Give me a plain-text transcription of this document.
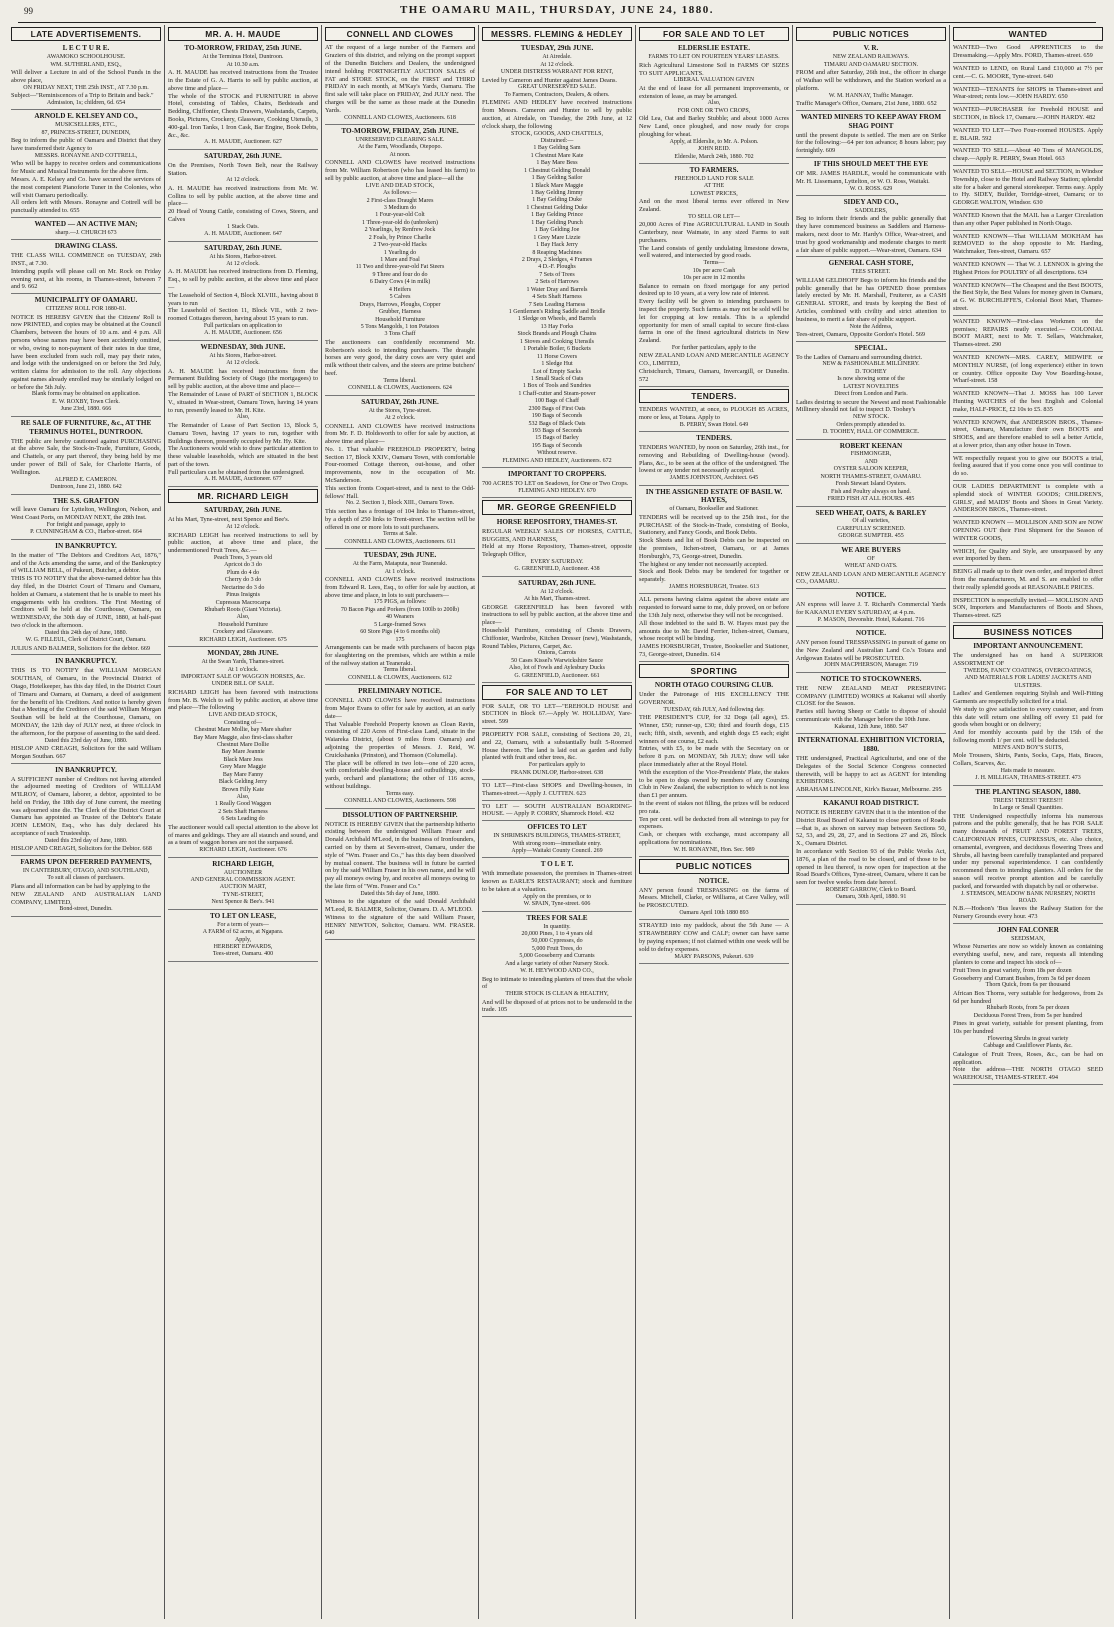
99	THE OAMARU MAIL, THURSDAY, JUNE 24, 1880.
LATE ADVERTISEMENTS.
L E C T U R E.
AWAMOKO SCHOOLHOUSE.
WM. SUTHERLAND, ESQ.,
Will deliver a Lecture in aid of the School Funds in the above place,
ON FRIDAY NEXT, THE 25th INST., AT 7.30 p.m.
Subject—"Reminiscences of a Trip to Britain and back."
Admission, 1s; children, 6d. 654
ARNOLD E. KELSEY AND CO.,
MUSICSELLERS, ETC.,
87, PRINCES-STREET, DUNEDIN,
Beg to inform the public of Oamaru and District that they have transferred their Agency to
MESSRS. RONAYNE AND COTTRELL,
Who will be happy to receive orders and communications for Music and Musical Instruments for the above firm.
Messrs. A. E. Kelsey and Co. have secured the services of the most competent Pianoforte Tuner in the Colonies, who will visit Oamaru periodically.
All orders left with Messrs. Ronayne and Cottrell will be punctually attended to. 655
WANTED — AN ACTIVE MAN;
sharp.—J. CHURCH 673
DRAWING CLASS.
THE CLASS WILL COMMENCE on TUESDAY, 29th INST., at 7.30.
Intending pupils will please call on Mr. Rock on Friday evening next, at his rooms, in Thames-street, between 7 and 9. 662
MUNICIPALITY OF OAMARU.
CITIZENS' ROLL FOR 1880-81.
NOTICE IS HEREBY GIVEN that the Citizens' Roll is now PRINTED, and copies may be obtained at the Council Chambers, between the hours of 10 a.m. and 4 p.m. All persons whose names may have been accidently omitted, or who, owing to non-payment of their rates in due time, have been excluded from such roll, may pay their rates, and lodge with the undersigned on or before the 3rd July, written claims for admission to the roll. Any objections against names already enrolled may be similarly lodged on or before the 5th July.
Blank forms may be obtained on application.
E. W. ROXBY, Town Clerk.
June 23rd, 1880. 666
RE SALE OF FURNITURE, &c., AT THE TERMINUS HOTEL, DUNTROON.
THE public are hereby cautioned against PURCHASING at the above Sale, the Stock-in-Trade, Furniture, Goods, and Chattels, or any part thereof, they being held by me under power of Bill of Sale, for Charlotte Harris, of Wellington.
ALFRED E. CAMERON.
Duntroon, June 21, 1880. 642
THE S.S. GRAFTON
will leave Oamaru for Lyttelton, Wellington, Nelson, and West Coast Ports, on MONDAY NEXT, the 28th Inst.
For freight and passage, apply to
P. CUNNINGHAM & CO., Harbor-street. 664
IN BANKRUPTCY.
In the matter of "The Debtors and Creditors Act, 1876," and of the Acts amending the same, and of the Bankruptcy of WILLIAM BELL, of Pukeuri, Butcher, a debtor.
THIS IS TO NOTIFY that the above-named debtor has this day filed, in the District Court of Timaru and Oamaru, holden at Oamaru, a statement that he is unable to meet his engagements with his creditors. The First Meeting of Creditors will be held at the Courthouse, Oamaru, on WEDNESDAY, the 30th day of JUNE, 1880, at half-past two o'clock in the afternoon.
Dated this 24th day of June, 1880.
W. G. FILLEUL, Clerk of District Court, Oamaru.
JULIUS AND BALMER, Solicitors for the debtor. 669
IN BANKRUPTCY.
THIS IS TO NOTIFY that WILLIAM MORGAN SOUTHAN, of Oamaru, in the Provincial District of Otago, Hotelkeeper, has this day filed, in the District Court of Timaru and Oamaru, at Oamaru, a deed of assignment for the benefit of his Creditors. And notice is hereby given that a Meeting of the Creditors of the said William Morgan Southan will be held at the Courthouse, Oamaru, on MONDAY, the 12th day of JULY next, at three o'clock in the afternoon, for the purpose of assenting to the said deed.
Dated this 23rd day of June, 1880.
HISLOP AND CREAGH, Solicitors for the said William Morgan Southan. 667
IN BANKRUPTCY.
A SUFFICIENT number of Creditors not having attended the adjourned meeting of Creditors of WILLIAM M'ILROY, of Oamaru, laborer, a debtor, appointed to be held on Friday, the 18th day of June current, the meeting was adjourned sine die. The Clerk of the District Court at Oamaru has appointed as Trustee of the Debtor's Estate JOHN LEMON, Esq., who has duly declared his acceptance of such Trusteeship.
Dated this 23rd day of June, 1880.
HISLOP AND CREAGH, Solicitors for the Debtor. 668
FARMS UPON DEFERRED PAYMENTS,
IN CANTERBURY, OTAGO, AND SOUTHLAND,
To suit all classes of purchasers.
Plans and all information can be had by applying to the
NEW ZEALAND AND AUSTRALIAN LAND COMPANY, LIMITED,
Bond-street, Dunedin.
MR. A. H. MAUDE
TO-MORROW, FRIDAY, 25th JUNE.
At the Terminus Hotel, Duntroon.
At 10.30 a.m.
A. H. MAUDE has received instructions from the Trustee in the Estate of G. A. Harris to sell by public auction, at above time and place—
The whole of the STOCK and FURNITURE in above Hotel, consisting of Tables, Chairs, Bedsteads and Bedding, Chiffonier, Chests Drawers, Washstands, Carpets, Books, Pictures, Crockery, Glassware, Cooking Utensils, 3 400-gal. Iron Tanks, 1 Iron Cask, Bar Engine, Book Debts, &c., &c.
A. H. MAUDE, Auctioneer. 627
SATURDAY, 26th JUNE.
On the Premises, North Town Belt, near the Railway Station.
At 12 o'clock.
A. H. MAUDE has received instructions from Mr. W. Collins to sell by public auction, at the above time and place—
20 Head of Young Cattle, consisting of Cows, Steers, and Calves
1 Stack Oats.
A. H. MAUDE, Auctioneer. 647
SATURDAY, 26th JUNE.
At his Stores, Harbor-street.
At 12 o'clock.
A. H. MAUDE has received instructions from D. Fleming, Esq., to sell by public auction, at the above time and place—
The Leasehold of Section 4, Block XLVIII., having about 8 years to run
The Leasehold of Section 11, Block VII., with 2 two-roomed Cottages thereon, having about 15 years to run.
Full particulars on application to
A. H. MAUDE, Auctioneer. 656
WEDNESDAY, 30th JUNE.
At his Stores, Harbor-street.
At 12 o'clock.
A. H. MAUDE has received instructions from the Permanent Building Society of Otago (the mortgagees) to sell by public auction, at the above time and place—
The Remainder of Lease of PART of SECTION 1, BLOCK V., situated in Wear-street, Oamaru Town, having 14 years to run, presently leased to Mr. H. Kite.
Also,
The Remainder of Lease of Part Section 13, Block 5, Oamaru Town, having 17 years to run, together with Buildings thereon, presently occupied by Mr. Hy. Kite.
The Auctioneers would wish to draw particular attention to these valuable leaseholds, which are situated in the best part of the town.
Full particulars can be obtained from the undersigned.
A. H. MAUDE, Auctioneer. 677
MR. RICHARD LEIGH
SATURDAY, 26th JUNE.
At his Mart, Tyne-street, next Spence and Bee's.
At 12 o'clock.
RICHARD LEIGH has received instructions to sell by public auction, at above time and place, the undermentioned Fruit Trees, &c.—
Peach Trees, 3 years old
Apricot do 3 do
Plum do 4 do
Cherry do 3 do
Nectarine do 3 do
Pinus Insignis
Cupressus Macrocarpa
Rhubarb Roots (Giant Victoria).
Also,
Household Furniture
Crockery and Glassware.
RICHARD LEIGH, Auctioneer. 675
MONDAY, 28th JUNE.
At the Swan Yards, Thames-street.
At 1 o'clock.
IMPORTANT SALE OF WAGGON HORSES, &c.
UNDER BILL OF SALE.
RICHARD LEIGH has been favored with instructions from Mr. B. Welch to sell by public auction, at above time and place—The following
LIVE AND DEAD STOCK,
Consisting of—
Chestnut Mare Mollie, bay Mare shafter
Bay Mare Maggie, also first-class shafter
Chestnut Mare Dollie
Bay Mare Jeannie
Black Mare Jess
Grey Mare Maggie
Bay Mare Fanny
Black Gelding Jerry
Brown Filly Kate
Also,
1 Really Good Waggon
2 Sets Shaft Harness
6 Sets Leading do
The auctioneer would call special attention to the above lot of mares and geldings. They are all staunch and sound, and as a team of waggon horses are not the surpassed.
RICHARD LEIGH, Auctioneer. 676
RICHARD LEIGH,
AUCTIONEER
AND GENERAL COMMISSION AGENT.
AUCTION MART,
TYNE-STREET,
Next Spence & Bee's. 941
TO LET ON LEASE,
For a term of years—
A FARM of 62 acres, at Ngapara.
Apply,
HERBERT EDWARDS,
Tees-street, Oamaru. 400
CONNELL AND CLOWES
AT the request of a large number of the Farmers and Graziers of this district, and relying on the prompt support of the Dunedin Butchers and Dealers, the undersigned intend holding FORTNIGHTLY AUCTION SALES of FAT and STORE STOCK, on the FIRST and THIRD FRIDAY in each month, at M'Kay's Yards, Oamaru. The first sale will take place on FRIDAY, 2nd JULY next. The charges will be the same as those made at the Dunedin Yards.
CONNELL AND CLOWES, Auctioneers. 618
TO-MORROW, FRIDAY, 25th JUNE.
UNRESERVED CLEARING SALE.
At the Farm, Woodlands, Otepopo.
At noon.
CONNELL AND CLOWES have received instructions from Mr. William Robertson (who has leased his farm) to sell by public auction, at above time and place—all the
LIVE AND DEAD STOCK,
As follows:—
2 First-class Draught Mares
3 Medium do
1 Four-year-old Colt
1 Three-year-old do (unbroken)
2 Yearlings, by Renfrew Jock
2 Foals, by Prince Charlie
2 Two-year-old Hacks
1 Yearling do
1 Mare and Foal
11 Two and three-year-old Fat Steers
9 Three and four do do
6 Dairy Cows (4 in milk)
4 Heifers
5 Calves
Drays, Harrows, Ploughs, Copper
Grubber, Harness
Household Furniture
5 Tons Mangolds, 1 ton Potatoes
3 Tons Chaff
The auctioneers can confidently recommend Mr. Robertson's stock to intending purchasers. The draught horses are very good, the dairy cows are very quiet and milk without their calves, and the steers are prime butchers' beef.
Terms liberal.
CONNELL & CLOWES, Auctioneers. 624
SATURDAY, 26th JUNE.
At the Stores, Tyne-street.
At 2 o'clock.
CONNELL AND CLOWES have received instructions from Mr. F. D. Holdsworth to offer for sale by auction, at above time and place—
No. 1. That valuable FREEHOLD PROPERTY, being Section 17, Block XXIV., Oamaru Town, with comfortable Four-roomed Cottage thereon, out-house, and other improvements, now in the occupation of Mr. McSanderson.
This section fronts Coquet-street, and is next to the Odd-fellows' Hall.
No. 2. Section 1, Block XIII., Oamaru Town.
This section has a frontage of 104 links to Thames-street, by a depth of 250 links to Trent-street. The section will be offered in one or more lots to suit purchasers.
Terms at Sale.
CONNELL AND CLOWES, Auctioneers. 611
TUESDAY, 29th JUNE.
At the Farm, Mataputa, near Teaneraki.
At 1 o'clock.
CONNELL AND CLOWES have received instructions from Edward R. Lees, Esq., to offer for sale by auction, at above time and place, in lots to suit purchasers—
175 PIGS, as follows:
70 Bacon Pigs and Porkers (from 100lb to 200lb)
40 Weaners
5 Large-framed Sows
60 Store Pigs (4 to 6 months old)
175
Arrangements can be made with purchasers of bacon pigs for slaughtering on the premises, which are within a mile of the railway station at Teaneraki.
Terms liberal.
CONNELL & CLOWES, Auctioneers. 612
PRELIMINARY NOTICE.
CONNELL AND CLOWES have received instructions from Major Evans to offer for sale by auction, at an early date—
That Valuable Freehold Property known as Cloan Ravin, consisting of 220 Acres of First-class Land, situate in the Waiareka District, (about 9 miles from Oamaru) and adjoining the properties of Messrs. J. Reid, W. Cruickshanks (Prinston), and Thomson (Columella).
The place will be offered in two lots—one of 220 acres, with comfortable dwelling-house and outbuildings, stock-yards, orchard and plantations; the other of 116 acres, without buildings.
Terms easy.
CONNELL AND CLOWES, Auctioneers. 598
DISSOLUTION OF PARTNERSHIP.
NOTICE IS HEREBY GIVEN that the partnership hitherto existing between the undersigned William Fraser and Donald Archibald M'Leod, in the business of Ironfounders, carried on by them at Severn-street, Oamaru, under the style of "Wm. Fraser and Co.," has this day been dissolved by mutual consent. The business will in future be carried on by the said William Fraser in his own name, and he will pay all moneys owing by, and receive all moneys owing to the late firm of "Wm. Fraser and Co."
Dated this 5th day of June, 1880.
Witness to the signature of the said Donald Archibald M'Leod, R. BALMER, Solicitor, Oamaru. D. A. M'LEOD.
Witness to the signature of the said William Fraser, HENRY NEWTON, Solicitor, Oamaru. WM. FRASER. 640
MESSRS. FLEMING & HEDLEY
TUESDAY, 29th JUNE.
At Airedale.
At 12 o'clock.
UNDER DISTRESS WARRANT FOR RENT,
Levied by Cameron and Hunter against James Deans.
GREAT UNRESERVED SALE.
To Farmers, Contractors, Dealers, & others.
FLEMING AND HEDLEY have received instructions from Messrs. Cameron and Hunter to sell by public auction, at Airedale, on Tuesday, the 29th June, at 12 o'clock sharp, the following
STOCK, GOODS, AND CHATTELS,
Distrained:—
1 Bay Gelding Sam
1 Chestnut Mare Kate
1 Bay Mare Bess
1 Chestnut Gelding Donald
1 Bay Gelding Sailor
1 Black Mare Maggie
1 Bay Gelding Jimmy
1 Bay Gelding Duke
1 Chestnut Gelding Duke
1 Bay Gelding Prince
1 Bay Gelding Punch
1 Bay Gelding Joe
1 Grey Mare Lizzie
1 Bay Hack Jerry
8 Reaping Machines
2 Drays, 2 Sledges, 4 Frames
4 D.-F. Ploughs
7 Sets of Trees
2 Sets of Harrows
1 Water Dray and Barrels
4 Sets Shaft Harness
7 Sets Leading Harness
1 Gentlemen's Riding Saddle and Bridle
1 Sledge on Wheels, and Barrels
13 Hay Forks
Stock Brands and Plough Chains
1 Stoves and Cooking Utensils
1 Portable Boiler, 6 Buckets
11 Horse Covers
1 Sledge Hut
Lot of Empty Sacks
1 Small Stack of Oats
1 Box of Tools and Sundries
1 Chaff-cutter and Steam-power
100 Bags of Chaff
2300 Bags of First Oats
190 Bags of Seconds
532 Bags of Black Oats
193 Bags of Seconds
15 Bags of Barley
195 Bags of Seconds
Without reserve.
FLEMING AND HEDLEY, Auctioneers. 672
IMPORTANT TO CROPPERS.
700 ACRES TO LET on Seadown, for One or Two Crops.
FLEMING AND HEDLEY. 670
MR. GEORGE GREENFIELD
HORSE REPOSITORY, THAMES-ST.
REGULAR WEEKLY SALES OF HORSES, CATTLE, BUGGIES, AND HARNESS,
Held at my Horse Repository, Thames-street, opposite Telegraph Office,
EVERY SATURDAY.
G. GREENFIELD, Auctioneer. 438
SATURDAY, 26th JUNE.
At 12 o'clock.
At his Mart, Thames-street.
GEORGE GREENFIELD has been favored with instructions to sell by public auction, at the above time and place—
Household Furniture, consisting of Chests Drawers, Chiffonier, Wardrobe, Kitchen Dresser (new), Washstands, Round Tables, Pictures, Carpet, &c.
Onions, Carrots
50 Cases Kissel's Warwickshire Sauce
Also, lot of Fowls and Aylesbury Ducks
G. GREENFIELD, Auctioneer. 661
FOR SALE AND TO LET
FOR SALE, OR TO LET—"EREHOLD HOUSE and SECTION in Block 67.—Apply W. HOLLIDAY, Yare-street. 599
PROPERTY FOR SALE, consisting of Sections 20, 21, and 22, Oamaru, with a substantially built 5-Roomed House thereon. The land is laid out as garden and fully planted with fruit and other trees, &c.
For particulars apply to
FRANK DUNLOP, Harbor-street. 638
TO LET—First-class SHOPS and Dwelling-houses, in Thames-street.—Apply J. CUTTEN. 623
TO LET — SOUTH AUSTRALIAN BOARDING-HOUSE. — Apply P. CORRY, Shamrock Hotel. 432
OFFICES TO LET
IN SHRIMSKI'S BUILDINGS, THAMES-STREET,
With strong room—immediate entry.
Apply—Waitaki County Council. 269
T O L E T.
With immediate possession, the premises in Thames-street known as EARLE'S RESTAURANT; stock and furniture to be taken at a valuation.
Apply on the premises, or to
W. SPAIN, Tyne-street. 606
TREES FOR SALE
In quantity.
20,000 Pines, 1 to 4 years old
50,000 Cypresses, do
5,000 Fruit Trees, do
5,000 Gooseberry and Currants
And a large variety of other Nursery Stock.
W. H. HEYWOOD AND CO.,
Beg to intimate to intending planters of trees that the whole of
THEIR STOCK IS CLEAN & HEALTHY,
And will be disposed of at prices not to be undersold in the trade. 105
FOR SALE AND TO LET
ELDERSLIE ESTATE.
FARMS TO LET ON FOURTEEN YEARS' LEASES.
Rich Agricultural Limestone Soil in FARMS OF SIZES TO SUIT APPLICANTS.
LIBERAL VALUATION GIVEN
At the end of lease for all permanent improvements, or extension of lease, as may be arranged.
Also,
FOR ONE OR TWO CROPS,
Old Lea, Oat and Barley Stubble; and about 1000 Acres New Land, once ploughed, and now ready for crops ploughing for wheat.
Apply, at Elderslie, to Mr. A. Polson.
JOHN REID.
Elderslie, March 24th, 1880. 702
TO FARMERS.
FREEHOLD LAND FOR SALE
AT THE
LOWEST PRICES,
And on the most liberal terms ever offered in New Zealand.
TO SELL OR LET—
20,000 Acres of Fine AGRICULTURAL LAND in South Canterbury, near Waimate, in any sized Farms to suit purchasers.
The Land consists of gently undulating limestone downs, well watered, and intersected by good roads.
Terms—
10s per acre Cash
10s per acre in 12 months
Balance to remain on fixed mortgage for any period desired up to 10 years, at a very low rate of interest.
Every facility will be given to intending purchasers to inspect the property. Such farms as may not be sold will be let for cropping at low rentals. This is a splendid opportunity for men of small capital to secure first-class farms in one of the finest agricultural districts in New Zealand.
For further particulars, apply to the
NEW ZEALAND LOAN AND MERCANTILE AGENCY CO., LIMITED,
Christchurch, Timaru, Oamaru, Invercargill, or Dunedin. 572
TENDERS.
TENDERS WANTED, at once, to PLOUGH 85 ACRES, more or less, at Totara. Apply to
B. PERRY, Swan Hotel. 649
TENDERS.
TENDERS WANTED, by noon on Saturday, 26th inst., for removing and Rebuilding of Dwelling-house (wood). Plans, &c., to be seen at the office of the undersigned. The lowest or any tender not necessarily accepted.
JAMES JOHNSTON, Architect. 645
IN THE ASSIGNED ESTATE OF BASIL W. HAYES,
of Oamaru, Bookseller and Stationer.
TENDERS will be received up to the 25th inst., for the PURCHASE of the Stock-in-Trade, consisting of Books, Stationery, and Fancy Goods, and Book Debts.
Stock Sheets and list of Book Debts can be inspected on the premises, Itchen-street, Oamaru, or at James Horsburgh's, 73, George-street, Dunedin.
The highest or any tender not necessarily accepted.
Stock and Book Debts may be tendered for together or separately.
JAMES HORSBURGH, Trustee. 613
ALL persons having claims against the above estate are requested to forward same to me, duly proved, on or before the 13th July next, otherwise they will not be recognised.
All those indebted to the said B. W. Hayes must pay the amounts due to Mr. David Ferrier, Itchen-street, Oamaru, whose receipt will be binding.
JAMES HORSBURGH, Trustee, Bookseller and Stationer, 73, George-street, Dunedin. 614
SPORTING
NORTH OTAGO COURSING CLUB.
Under the Patronage of HIS EXCELLENCY THE GOVERNOR.
TUESDAY, 6th JULY, And following day.
THE PRESIDENT'S CUP, for 32 Dogs (all ages), £5. Winner, £50; runner-up, £30; third and fourth dogs, £15 each; fifth, sixth, seventh, and eighth dogs £5 each; eight winners of one course, £2 each.
Entries, with £5, to be made with the Secretary on or before 8 p.m. on MONDAY, 5th JULY; draw will take place immediately after at the Royal Hotel.
With the exception of the Vice-Presidents' Plate, the stakes to be open to dogs owned by members of any Coursing Club in New Zealand, the subscription to which is not less than £1 per annum.
In the event of stakes not filling, the prizes will be reduced pro rata.
Ten per cent. will be deducted from all winnings to pay for expenses.
Cash, or cheques with exchange, must accompany all applications for nominations.
W. H. RONAYNE, Hon. Sec. 989
PUBLIC NOTICES
NOTICE.
ANY person found TRESPASSING on the farms of Messrs. Mitchell, Clarke, or Williams, at Cave Valley, will be PROSECUTED.
Oamaru April 10th 1880 893
STRAYED into my paddock, about the 5th June — A STRAWBERRY COW and CALF; owner can have same by paying expenses; if not claimed within one week will be sold to defray expenses.
MARY PARSONS, Pukeuri. 639
PUBLIC NOTICES
V. R.
NEW ZEALAND RAILWAYS.
TIMARU AND OAMARU SECTION.
FROM and after Saturday, 26th inst., the officer in charge of Waihao will be withdrawn, and the Station worked as a platform.
W. M. HANNAY, Traffic Manager.
Traffic Manager's Office, Oamaru, 21st June, 1880. 652
WANTED MINERS TO KEEP AWAY FROM SHAG POINT
until the present dispute is settled. The men are on Strike for the following:—64 per ton advance; 8 hours labor; pay fortnightly. 609
IF THIS SHOULD MEET THE EYE
OF MR. JAMES HARDLE, would he communicate with Mr. H. Lissemann, Lyttelton, or W. O. Ross, Waitaki.
W. O. ROSS. 629
SIDEY AND CO.,
SADDLERS,
Beg to inform their friends and the public generally that they have commenced business as Saddlers and Harness-makers, next door to Mr. Hardy's Office, Wear-street, and trust by good workmanship and moderate charges to merit a fair share of public support.—Wear-street, Oamaru. 634
GENERAL CASH STORE,
TEES STREET.
WILLIAM GELDHOFF Begs to inform his friends and the public generally that he has OPENED those premises lately erected by Mr. H. Marshall, Fruiterer, as a CASH GENERAL STORE, and trusts by keeping the Best of Articles, combined with civility and strict attention to business, to merit a fair share of public support.
Note the Address,
Tees-street, Oamaru, Opposite Gordon's Hotel. 569
SPECIAL.
To the Ladies of Oamaru and surrounding district.
NEW & FASHIONABLE MILLINERY.
D. TOOHEY
Is now showing some of the
LATEST NOVELTIES
Direct from London and Paris.
Ladies desiring to secure the Newest and most Fashionable Millinery should not fail to inspect D. Toohey's
NEW STOCK.
Orders promptly attended to.
D. TOOHEY, HALL OF COMMERCE.
ROBERT KEENAN
FISHMONGER,
AND
OYSTER SALOON KEEPER,
NORTH THAMES-STREET, OAMARU.
Fresh Stewart Island Oysters.
Fish and Poultry always on hand.
FRIED FISH AT ALL HOURS. 485
SEED WHEAT, OATS, & BARLEY
Of all varieties,
CAREFULLY SCREENED.
GEORGE SUMPTER. 455
WE ARE BUYERS
OF
WHEAT AND OATS.
NEW ZEALAND LOAN AND MERCANTILE AGENCY CO., OAMARU.
NOTICE.
AN express will leave J. T. Richard's Commercial Yards for KAKANUI EVERY SATURDAY, at 4 p.m.
P. MASON, Devonshir. Hotel, Kakanui. 716
NOTICE.
ANY person found TRESSPASSING in pursuit of game on the New Zealand and Australian Land Co.'s Totara and Ardgowan Estates will be PROSECUTED.
JOHN MACPHERSON, Manager. 719
NOTICE TO STOCKOWNERS.
THE NEW ZEALAND MEAT PRESERVING COMPANY (LIMITED) WORKS at Kakanui will shortly CLOSE for the Season.
Parties still having Sheep or Cattle to dispose of should communicate with the Manager before the 10th June.
Kakanui, 12th June, 1880. 547
INTERNATIONAL EXHIBITION VICTORIA, 1880.
THE undersigned, Practical Agriculturist, and one of the Delegates of the Social Science Congress connected therewith, will be happy to act as AGENT for intending EXHIBITORS.
ABRAHAM LINCOLNE, Kirk's Bazaar, Melbourne. 295
KAKANUI ROAD DISTRICT.
NOTICE IS HEREBY GIVEN that it is the intention of the District Road Board of Kakanui to close portions of Roads—that is, as shown on survey map between Sections 50, 52, 53, and 29, 28, 27, and in Sections 27 and 26, Block X., Oamaru District.
In accordance with Section 93 of the Public Works Act, 1876, a plan of the road to be closed, and of those to be opened in lieu thereof, is now open for inspection at the Road Board's Offices, Tyne-street, Oamaru, where it can be seen for twelve weeks from date hereof.
ROBERT GARROW, Clerk to Board.
Oamaru, 30th April, 1880. 91
WANTED
WANTED—Two Good APPRENTICES to the Dressmaking.—Apply Mrs. FORD, Thames-street. 659
WANTED to LEND, on Rural Land £10,000 at 7½ per cent.—C. G. MOORE, Tyne-street. 640
WANTED—TENANTS for SHOPS in Thames-street and Wear-street; rents low.—JOHN HARDY. 650
WANTED—PURCHASER for Freehold HOUSE and SECTION, in Block 17, Oamaru.—JOHN HARDY. 482
WANTED TO LET—Two Four-roomed HOUSES. Apply E. BLAIR. 592
WANTED TO SELL—About 40 Tons of MANGOLDS, cheap.—Apply R. PERRY, Swan Hotel. 663
WANTED TO SELL—HOUSE and SECTION, in Windsor Township, close to the Hotel and Railway Station; splendid site for a baker and general storekeeper. Terms easy. Apply to Hy. SIDEY, Builder, Torridge-street, Oamaru; or to GEORGE WALTON, Windsor. 630
WANTED Known that the MAIL has a Larger Circulation than any other Paper published in North Otago.
WANTED KNOWN—That WILLIAM MOKHAM has REMOVED to the shop opposite to Mr. Harding, Watchmaker, Tees-street, Oamaru. 657
WANTED KNOWN — That W. J. LENNOX is giving the Highest Prices for POULTRY of all descriptions. 634
WANTED KNOWN—The Cheapest and the Best BOOTS, the Best Style, the Best Values for money given in Oamaru, at G. W. BURCHLIFFE'S, Colonial Boot Mart, Thames-street.
WANTED KNOWN—First-class Workmen on the premises; REPAIRS neatly executed.— COLONIAL BOOT MART, next to Mr. T. Sellars, Watchmaker, Thames-street. 290
WANTED KNOWN—MRS. CAREY, MIDWIFE or MONTHLY NURSE, (of long experience) either in town or country. Office opposite Day Vow Boarding-house, Wharf-street. 158
WANTED KNOWN—That J. MOSS has 100 Lever Hunting WATCHES of the best English and Colonial make, HALF-PRICE, £2 10s to £5. 835
WANTED KNOWN, that ANDERSON BROS., Thames-street, Oamaru, Manufacture their own BOOTS and SHOES, and are therefore enabled to sell a better Article, at a lower price, than any other house in Town.
WE respectfully request you to give our BOOTS a trial, feeling assured that if you come once you will continue to do so.
OUR LADIES DEPARTMENT is complete with a splendid stock of WINTER GOODS; CHILDREN'S, GIRLS', and MAIDS' Boots and Shoes in Great Variety. ANDERSON BROS., Thames-street.
WANTED KNOWN — MOLLISON AND SON are NOW OPENING OUT their First Shipment for the Season of WINTER GOODS,
WHICH, for Quality and Style, are unsurpassed by any ever imported by them.
BEING all made up to their own order, and imported direct from the manufacturers, M. and S. are enabled to offer their really splendid goods at REASONABLE PRICES.
INSPECTION is respectfully invited.— MOLLISON AND SON, Importers and Manufacturers of Boots and Shoes, Thames-street. 625
BUSINESS NOTICES
IMPORTANT ANNOUNCEMENT.
The undersigned has on hand A SUPERIOR ASSORTMENT OF
TWEEDS, FANCY COATINGS, OVERCOATINGS,
AND MATERIALS FOR LADIES' JACKETS AND ULSTERS.
Ladies' and Gentlemen requiring Stylish and Well-Fitting Garments are respectfully solicited for a trial.
We study to give satisfaction to every customer, and from this date will return one shilling off every £1 paid for goods when bought or on delivery;
And for monthly accounts paid by the 15th of the following month 1/ per cent. will be deducted.
MEN'S AND BOY'S SUITS,
Mole Trousers, Shirts, Pants, Socks, Caps, Hats, Braces, Collars, Scarves, &c.
Hats made to measure.
J. H. MILLIGAN, THAMES-STREET. 473
THE PLANTING SEASON, 1880.
TREES! TREES!! TREES!!!
In Large or Small Quantities.
THE Undersigned respectfully informs his numerous patrons and the public generally, that he has FOR SALE many thousands of FRUIT AND FOREST TREES, CALIFORNIAN PINES, CUPRESSUS, etc. Also choice, ornamental, evergreen, and deciduous flowering Trees and Shrubs, all having been carefully transplanted and prepared under my personal superintendence. I can confidently recommend them to intending planters. All orders for the season will receive prompt attention and be carefully packed, and forwarded with dispatch by rail or otherwise.
J. STEMSON, MEADOW BANK NURSERY, NORTH ROAD.
N.B.—Hodson's 'Bus leaves the Railway Station for the Nursery Grounds every hour. 473
JOHN FALCONER
SEEDSMAN,
Whose Nurseries are now so widely known as containing everything useful, new, and rare, requests all intending planters to come and inspect his stock of—
Fruit Trees in great variety, from 18s per dozen
Gooseberry and Currant Bushes, from 3s 6d per dozen
Thorn Quick, from 6s per thousand
African Box Thorns, very suitable for hedgerows, from 2s 6d per hundred
Rhubarb Roots, from 5s per dozen
Deciduous Forest Trees, from 5s per hundred
Pines in great variety, suitable for present planting, from 10s per hundred
Flowering Shrubs in great variety
Cabbage and Cauliflower Plants, &c.
Catalogue of Fruit Trees, Roses, &c., can be had on application.
Note the address—THE NORTH OTAGO SEED WAREHOUSE, THAMES-STREET. 494
